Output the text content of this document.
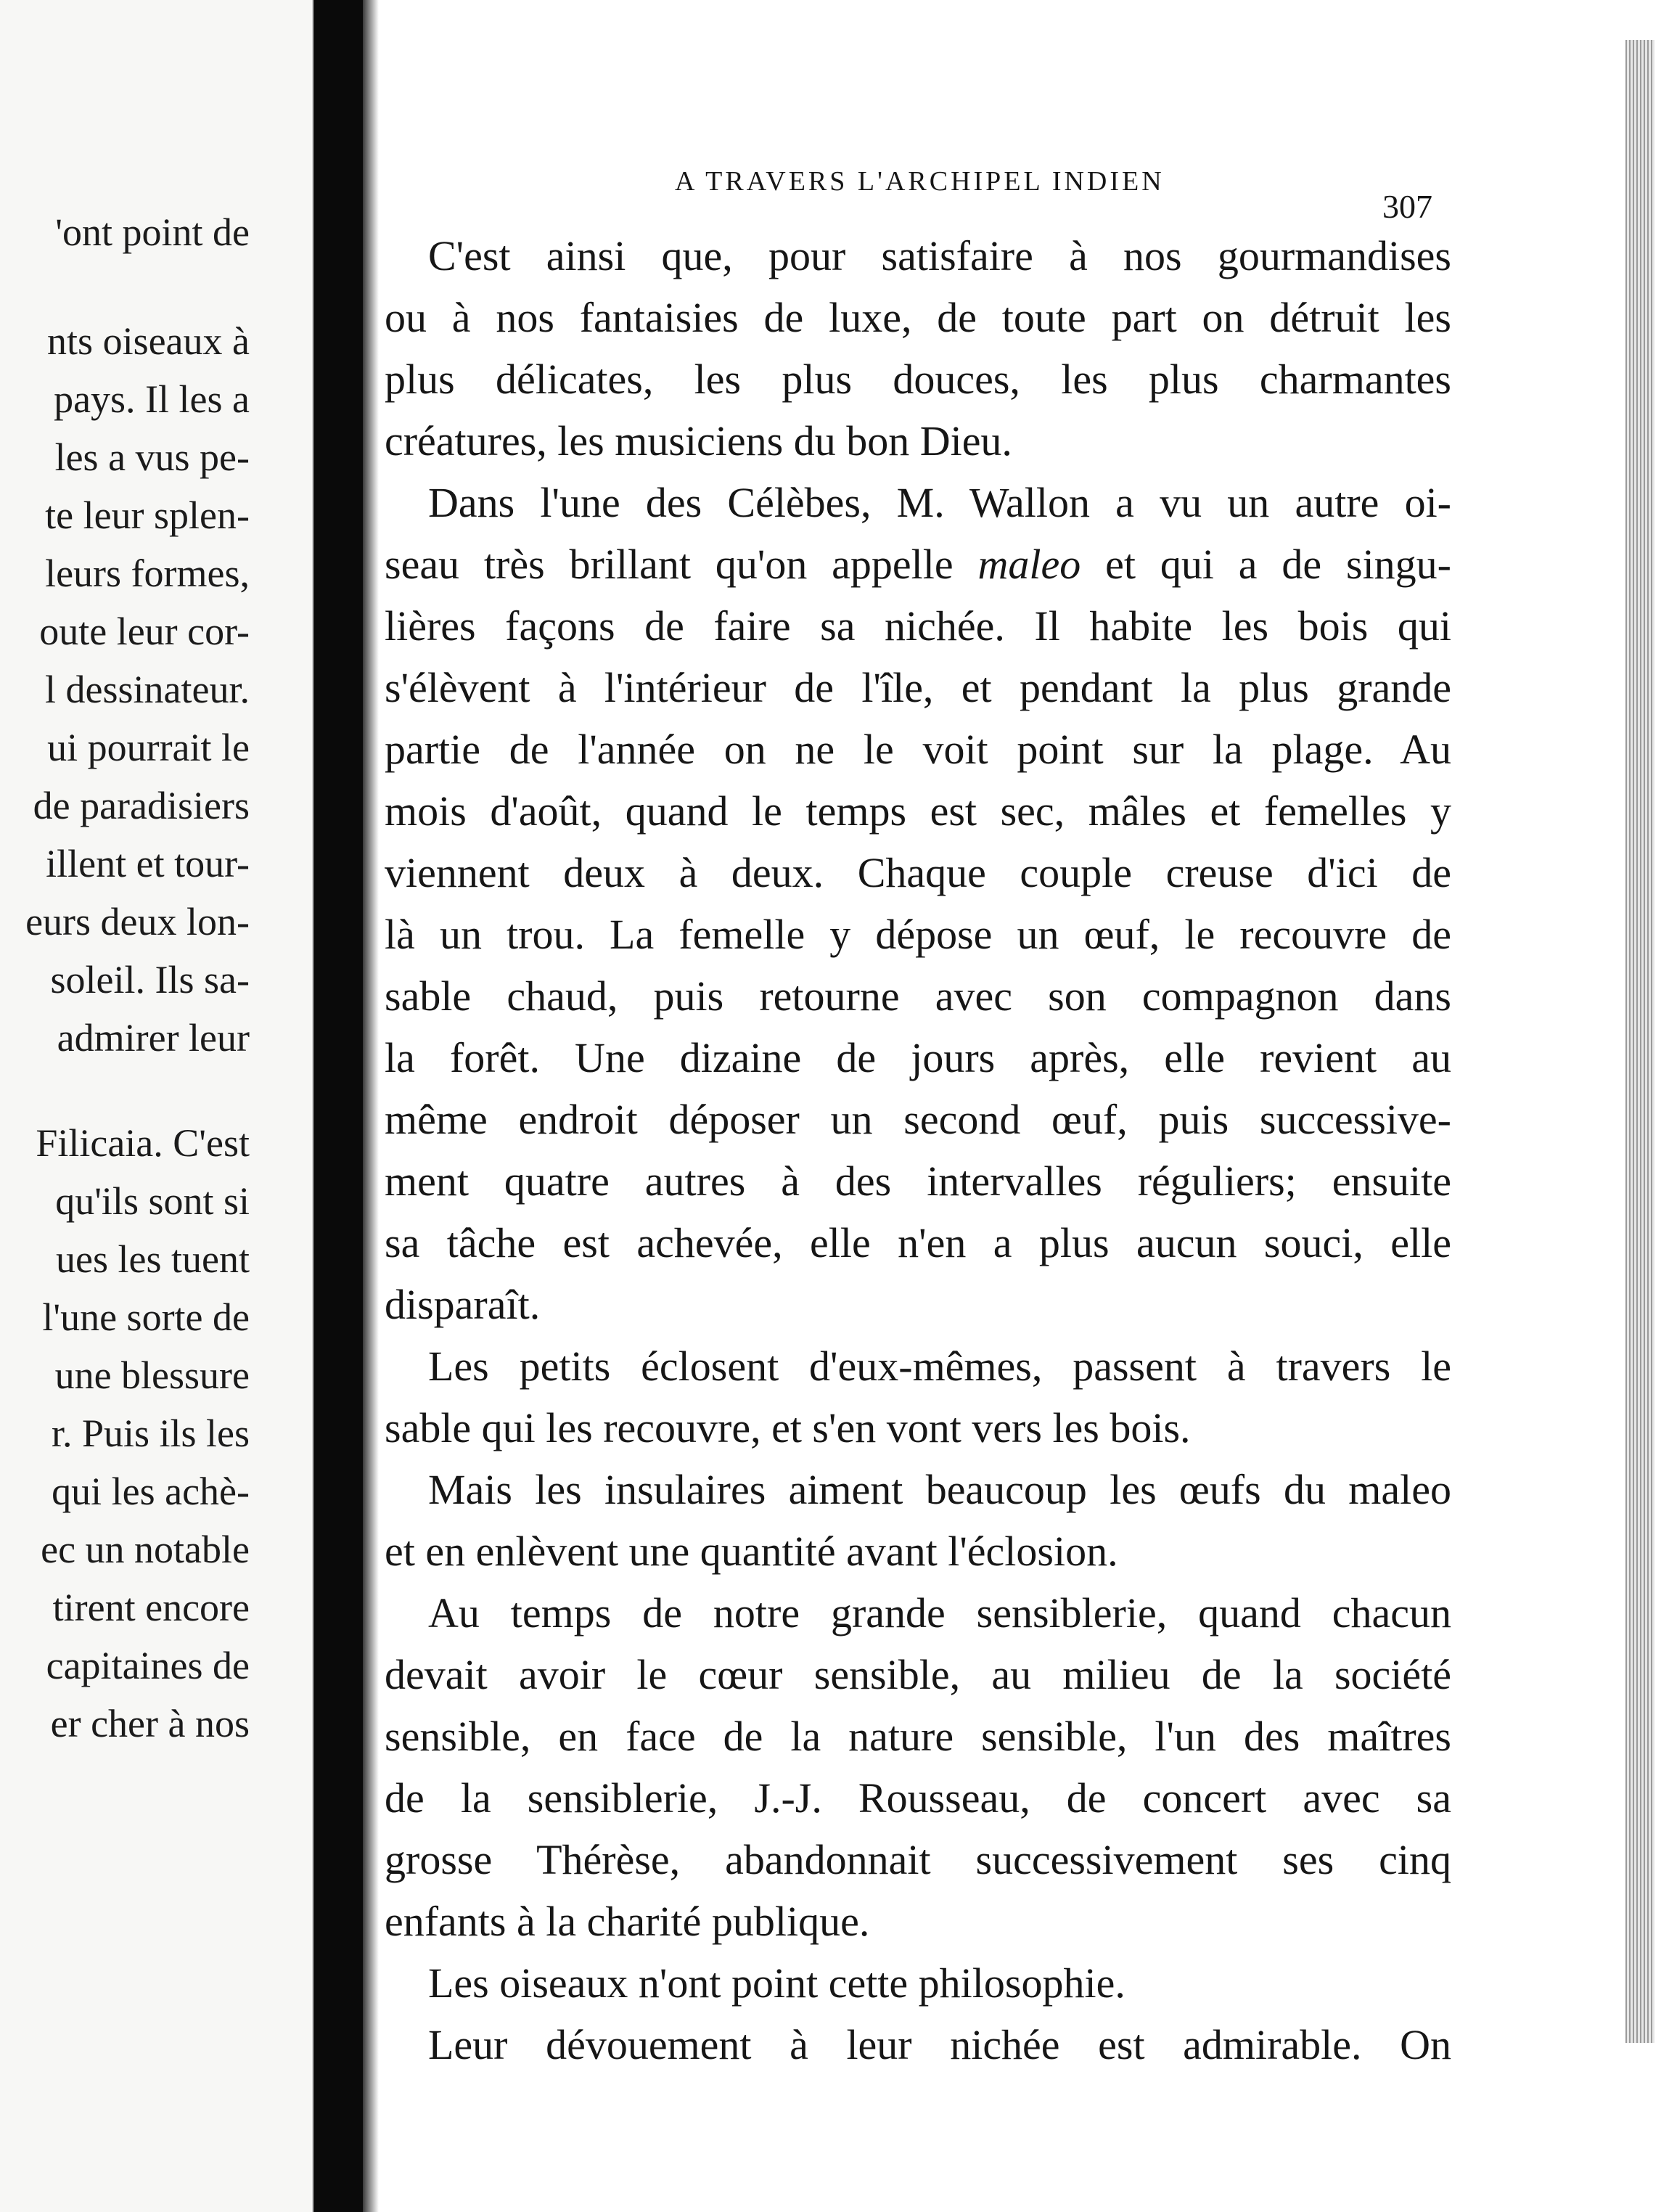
'ont point de
nts oiseaux à
pays. Il les a
les a vus pe-
te leur splen-
leurs formes,
oute leur cor-
l dessinateur.
ui pourrait le
de paradisiers
illent et tour-
eurs deux lon-
soleil. Ils sa-
admirer leur
Filicaia. C'est
qu'ils sont si
ues les tuent
l'une sorte de
une blessure
r. Puis ils les
qui les achè-
ec un notable
tirent encore
capitaines de
er cher à nos
A TRAVERS L'ARCHIPEL INDIEN
307
C'est ainsi que, pour satisfaire à nos gourmandises
ou à nos fantaisies de luxe, de toute part on détruit les
plus délicates, les plus douces, les plus charmantes
créatures, les musiciens du bon Dieu.
Dans l'une des Célèbes, M. Wallon a vu un autre oi-
seau très brillant qu'on appelle maleo et qui a de singu-
lières façons de faire sa nichée. Il habite les bois qui
s'élèvent à l'intérieur de l'île, et pendant la plus grande
partie de l'année on ne le voit point sur la plage. Au
mois d'août, quand le temps est sec, mâles et femelles y
viennent deux à deux. Chaque couple creuse d'ici de
là un trou. La femelle y dépose un œuf, le recouvre de
sable chaud, puis retourne avec son compagnon dans
la forêt. Une dizaine de jours après, elle revient au
même endroit déposer un second œuf, puis successive-
ment quatre autres à des intervalles réguliers; ensuite
sa tâche est achevée, elle n'en a plus aucun souci, elle
disparaît.
Les petits éclosent d'eux-mêmes, passent à travers le
sable qui les recouvre, et s'en vont vers les bois.
Mais les insulaires aiment beaucoup les œufs du maleo
et en enlèvent une quantité avant l'éclosion.
Au temps de notre grande sensiblerie, quand chacun
devait avoir le cœur sensible, au milieu de la société
sensible, en face de la nature sensible, l'un des maîtres
de la sensiblerie, J.-J. Rousseau, de concert avec sa
grosse Thérèse, abandonnait successivement ses cinq
enfants à la charité publique.
Les oiseaux n'ont point cette philosophie.
Leur dévouement à leur nichée est admirable. On
